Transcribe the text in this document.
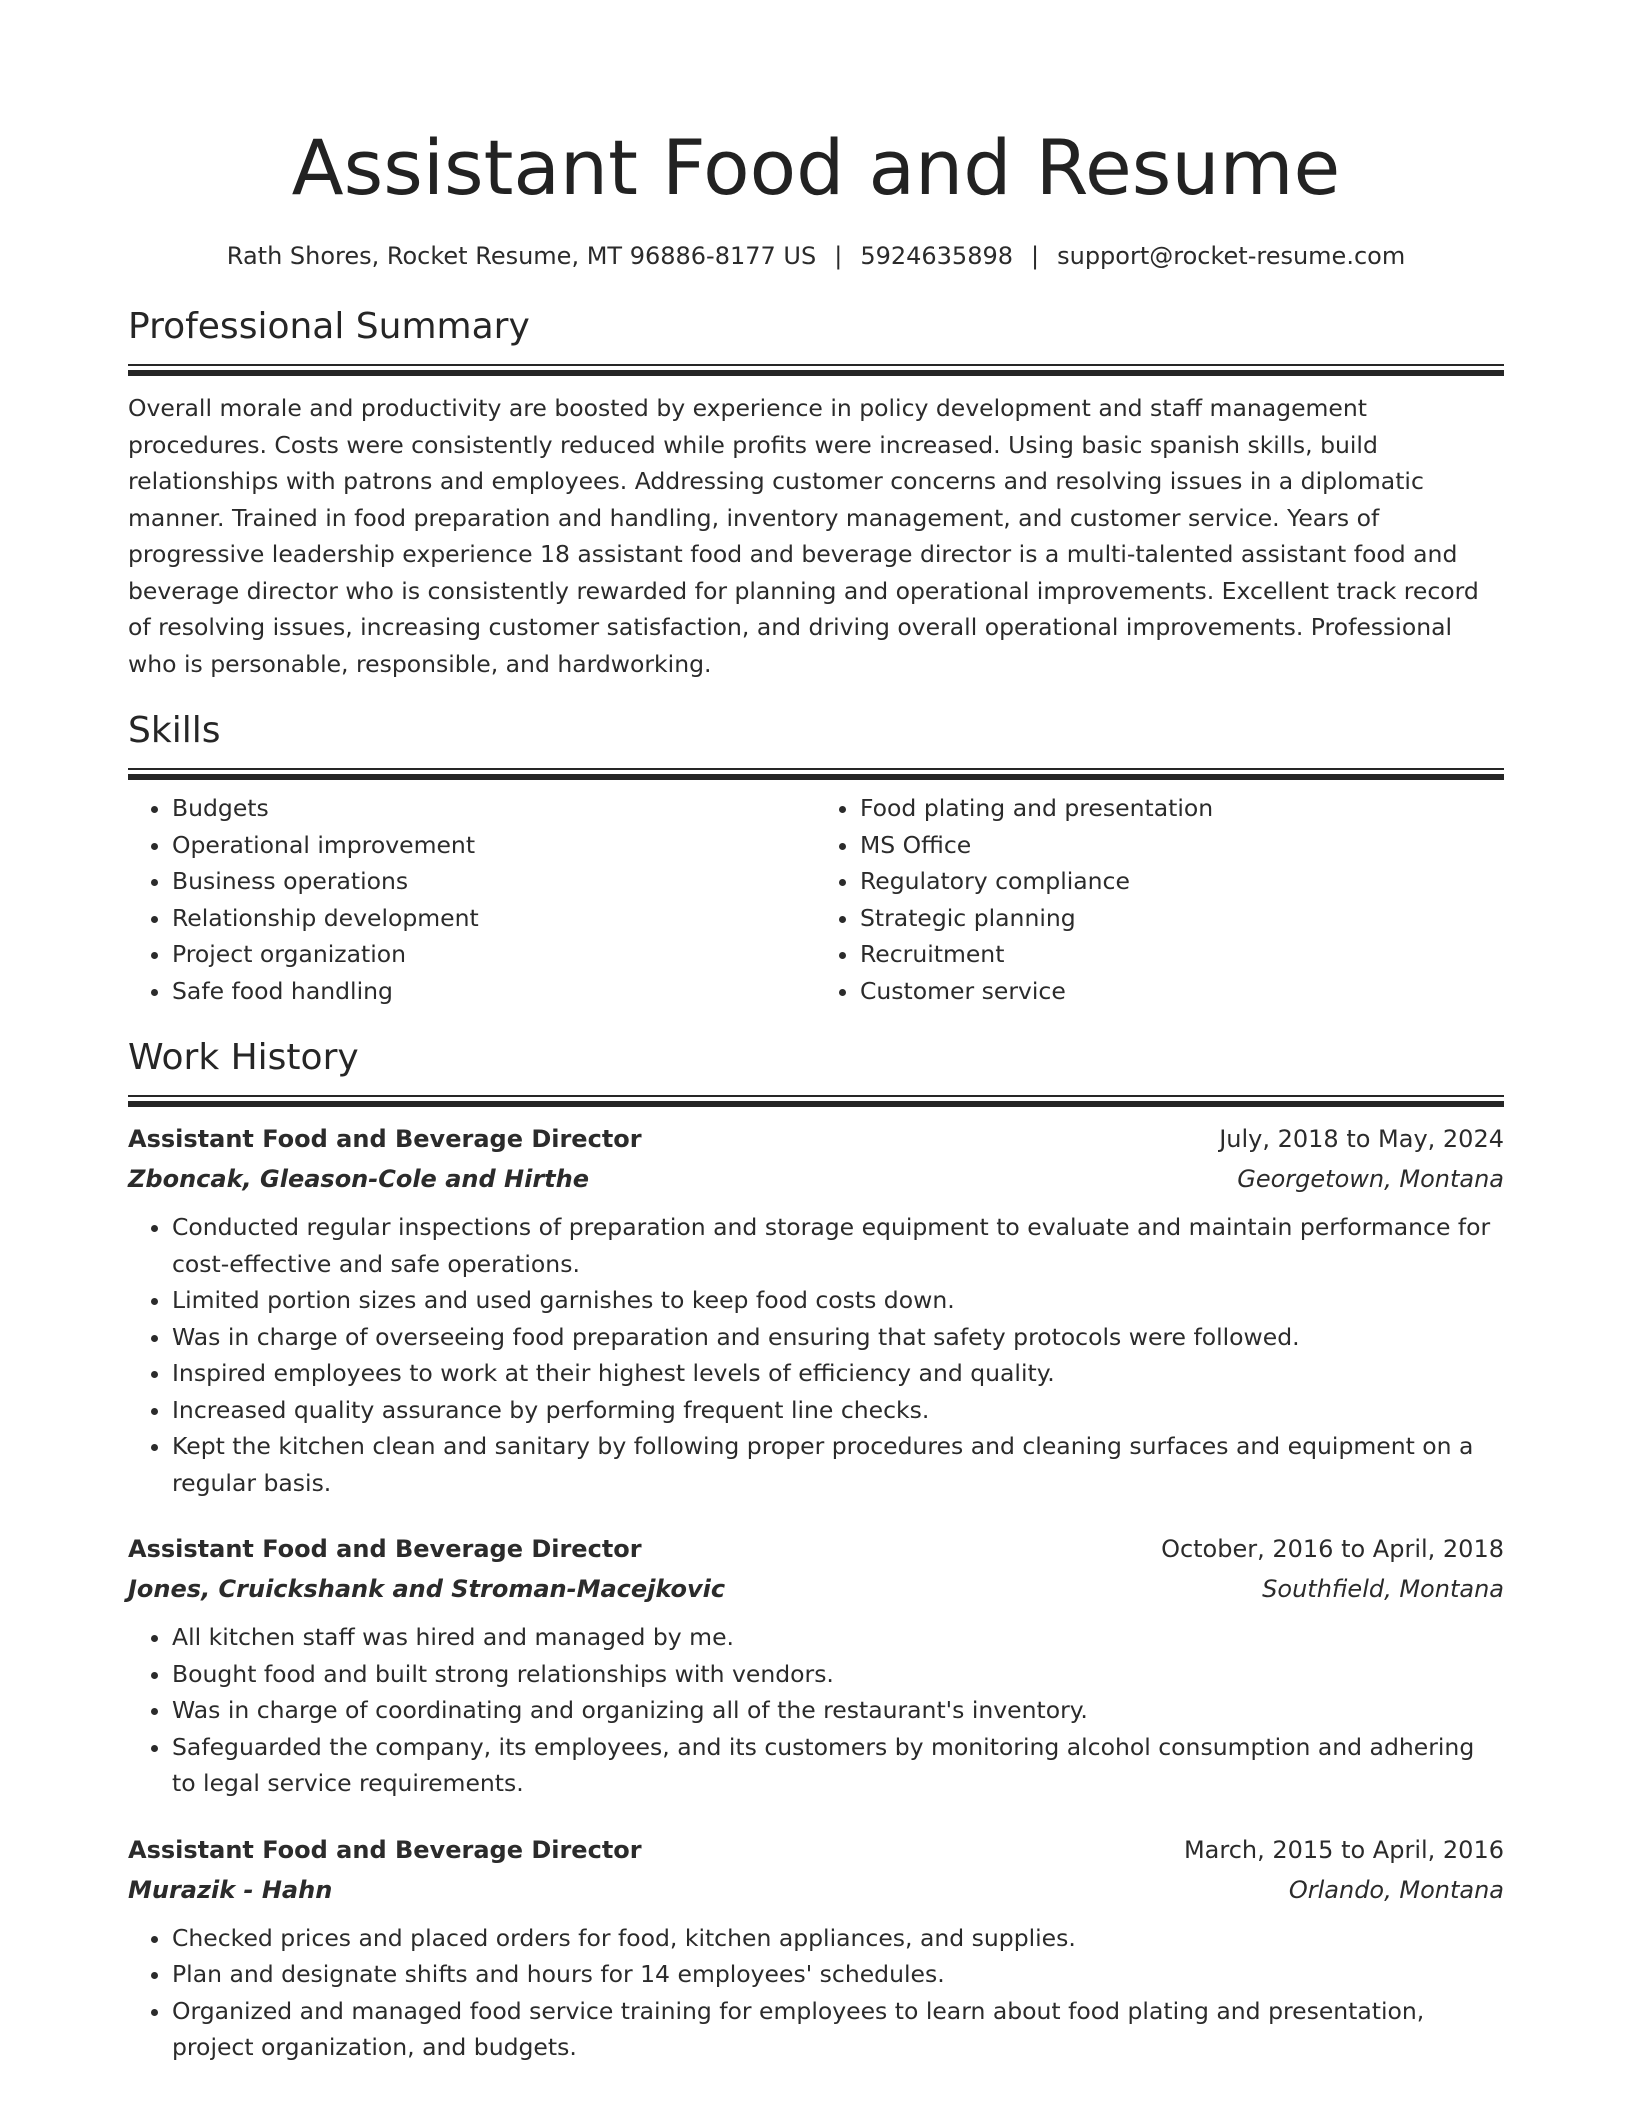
Assistant Food and Resume
Rath Shores, Rocket Resume, MT 96886-8177 US | 5924635898 | support@rocket-resume.com
Professional Summary

Overall morale and productivity are boosted by experience in policy development and staff management procedures. Costs were consistently reduced while profits were increased. Using basic spanish skills, build relationships with patrons and employees. Addressing customer concerns and resolving issues in a diplomatic manner. Trained in food preparation and handling, inventory management, and customer service. Years of progressive leadership experience 18 assistant food and beverage director is a multi-talented assistant food and beverage director who is consistently rewarded for planning and operational improvements. Excellent track record of resolving issues, increasing customer satisfaction, and driving overall operational improvements. Professional who is personable, responsible, and hardworking.

Skills
• Budgets
• Operational improvement
• Business operations
• Relationship development
• Project organization
• Safe food handling
• Food plating and presentation
• MS Office
• Regulatory compliance
• Strategic planning
• Recruitment
• Customer service
Work History
Assistant Food and Beverage Director	July, 2018 to May, 2024
Zboncak, Gleason-Cole and Hirthe	Georgetown, Montana
• Conducted regular inspections of preparation and storage equipment to evaluate and maintain performance for cost-effective and safe operations.
• Limited portion sizes and used garnishes to keep food costs down.
• Was in charge of overseeing food preparation and ensuring that safety protocols were followed.
• Inspired employees to work at their highest levels of efficiency and quality.
• Increased quality assurance by performing frequent line checks.
• Kept the kitchen clean and sanitary by following proper procedures and cleaning surfaces and equipment on a regular basis.
Assistant Food and Beverage Director	October, 2016 to April, 2018
Jones, Cruickshank and Stroman-Macejkovic	Southfield, Montana
• All kitchen staff was hired and managed by me.
• Bought food and built strong relationships with vendors.
• Was in charge of coordinating and organizing all of the restaurant's inventory.
• Safeguarded the company, its employees, and its customers by monitoring alcohol consumption and adhering to legal service requirements.
Assistant Food and Beverage Director	March, 2015 to April, 2016
Murazik - Hahn	Orlando, Montana
• Checked prices and placed orders for food, kitchen appliances, and supplies.
• Plan and designate shifts and hours for 14 employees' schedules.
• Organized and managed food service training for employees to learn about food plating and presentation, project organization, and budgets.
